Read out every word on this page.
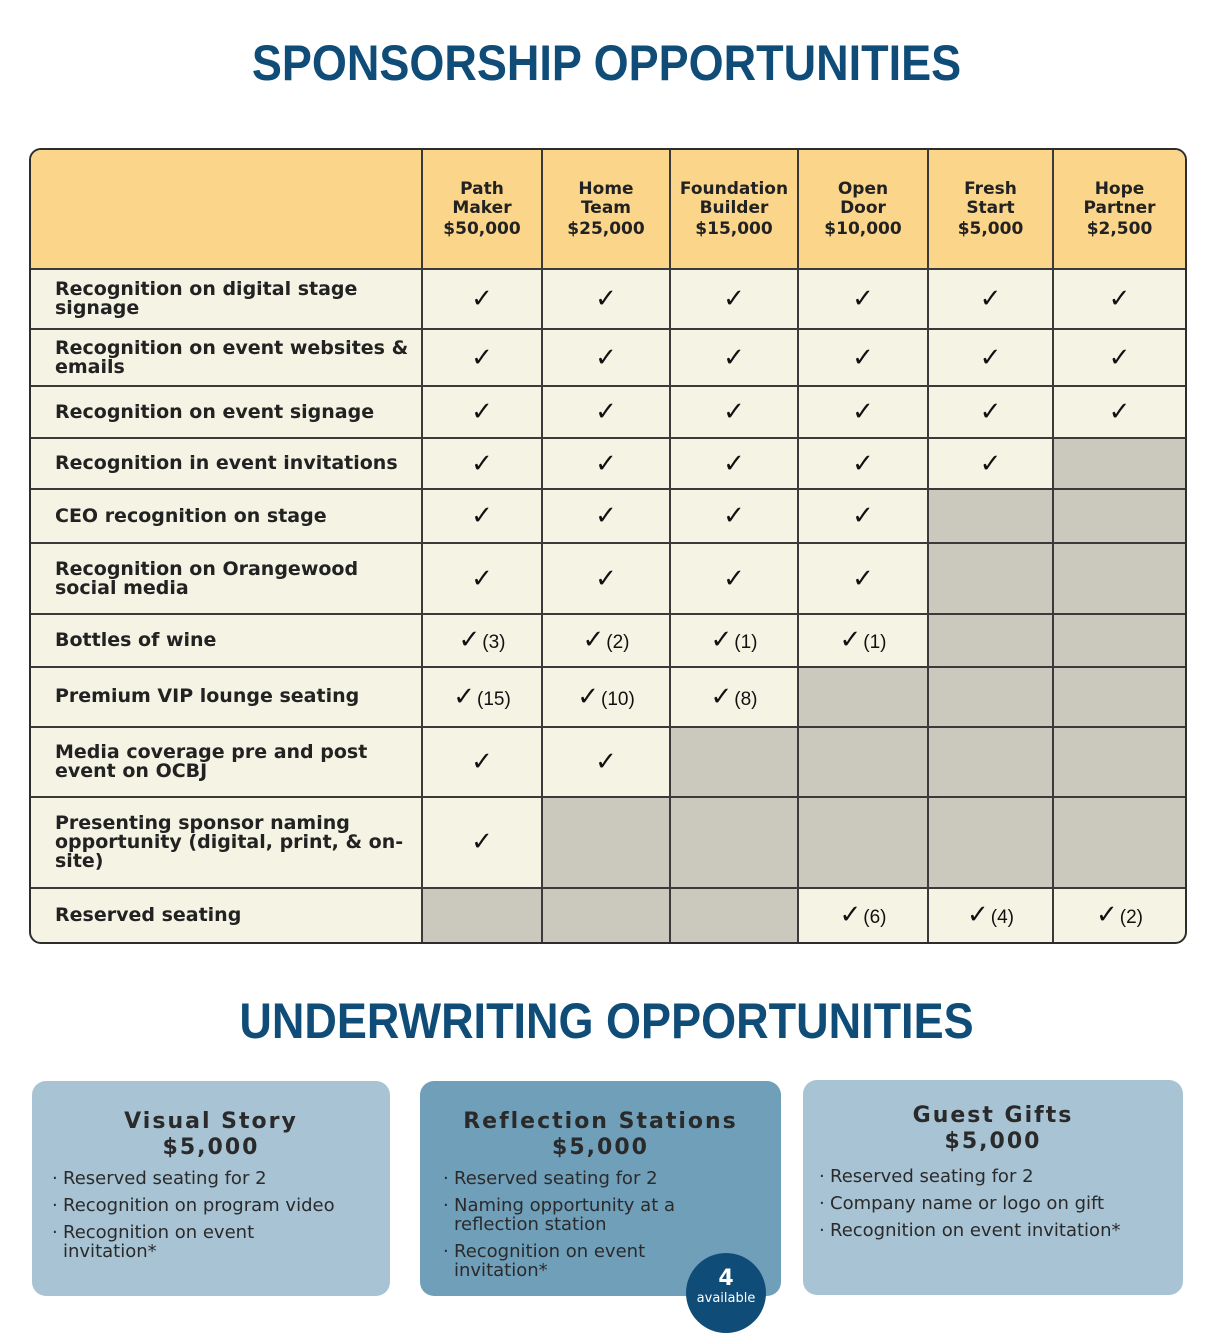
SPONSORSHIP OPPORTUNITIES
	Path
Maker
$50,000	Home
Team
$25,000	Foundation
Builder
$15,000	Open
Door
$10,000	Fresh
Start
$5,000	Hope
Partner
$2,500

Recognition on digital stage signage	✓	✓	✓	✓	✓	✓
Recognition on event websites & emails	✓	✓	✓	✓	✓	✓
Recognition on event signage	✓	✓	✓	✓	✓	✓
Recognition in event invitations	✓	✓	✓	✓	✓	
CEO recognition on stage	✓	✓	✓	✓		
Recognition on Orangewood social media	✓	✓	✓	✓		
Bottles of wine	✓ (3)	✓ (2)	✓ (1)	✓ (1)		
Premium VIP lounge seating	✓ (15)	✓ (10)	✓ (8)			
Media coverage pre and post event on OCBJ	✓	✓				
Presenting sponsor naming opportunity (digital, print, & on-site)	✓					
Reserved seating				✓ (6)	✓ (4)	✓ (2)
UNDERWRITING OPPORTUNITIES
Visual Story
$5,000
· Reserved seating for 2
· Recognition on program video
· Recognition on event invitation*
Reflection Stations
$5,000
· Reserved seating for 2
· Naming opportunity at a reflection station
· Recognition on event invitation*
Guest Gifts
$5,000
· Reserved seating for 2
· Company name or logo on gift
· Recognition on event invitation*
4
available
